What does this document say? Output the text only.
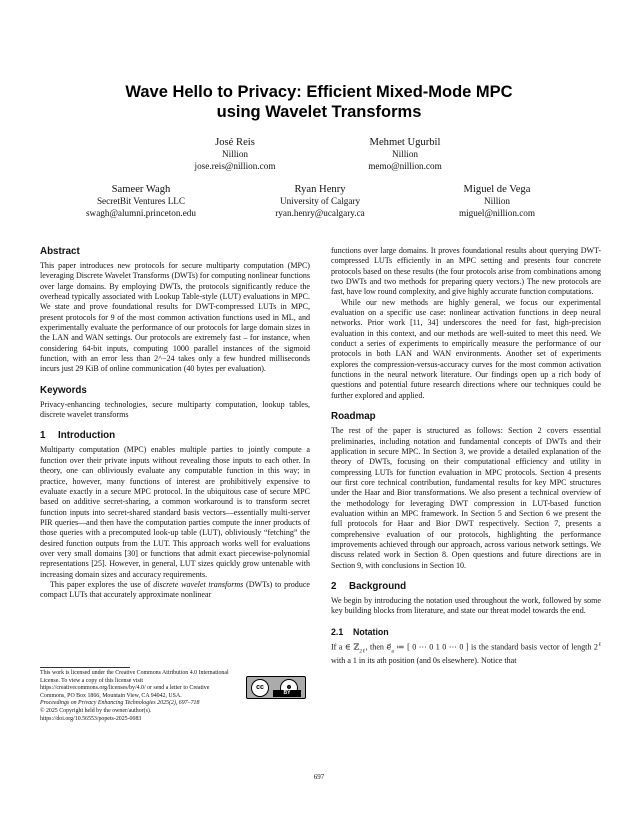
Wave Hello to Privacy: Efficient Mixed-Mode MPC
using Wavelet Transforms
José Reis
Nillion
jose.reis@nillion.com
Mehmet Ugurbil
Nillion
memo@nillion.com
Sameer Wagh
SecretBit Ventures LLC
swagh@alumni.princeton.edu
Ryan Henry
University of Calgary
ryan.henry@ucalgary.ca
Miguel de Vega
Nillion
miguel@nillion.com
Abstract

This paper introduces new protocols for secure multiparty computation (MPC) leveraging Discrete Wavelet Transforms (DWTs) for computing nonlinear functions over large domains. By employing DWTs, the protocols significantly reduce the overhead typically associated with Lookup Table-style (LUT) evaluations in MPC. We state and prove foundational results for DWT-compressed LUTs in MPC, present protocols for 9 of the most common activation functions used in ML, and experimentally evaluate the performance of our protocols for large domain sizes in the LAN and WAN settings. Our protocols are extremely fast – for instance, when considering 64-bit inputs, computing 1000 parallel instances of the sigmoid function, with an error less than 2^−24 takes only a few hundred milliseconds incurs just 29 KiB of online communication (40 bytes per evaluation).

Keywords

Privacy-enhancing technologies, secure multiparty computation, lookup tables, discrete wavelet transforms

1 Introduction

Multiparty computation (MPC) enables multiple parties to jointly compute a function over their private inputs without revealing those inputs to each other. In theory, one can obliviously evaluate any computable function in this way; in practice, however, many functions of interest are prohibitively expensive to evaluate exactly in a secure MPC protocol. In the ubiquitous case of secure MPC based on additive secret-sharing, a common workaround is to transform secret function inputs into secret-shared standard basis vectors—essentially multi-server PIR queries—and then have the computation parties compute the inner products of those queries with a precomputed look-up table (LUT), obliviously “fetching” the desired function outputs from the LUT. This approach works well for evaluations over very small domains [30] or functions that admit exact piecewise-polynomial representations [25]. However, in general, LUT sizes quickly grow untenable with increasing domain sizes and accuracy requirements.

This paper explores the use of discrete wavelet transforms (DWTs) to produce compact LUTs that accurately approximate nonlinear

functions over large domains. It proves foundational results about querying DWT-compressed LUTs efficiently in an MPC setting and presents four concrete protocols based on these results (the four protocols arise from combinations among two DWTs and two methods for preparing query vectors.) The new protocols are fast, have low round complexity, and give highly accurate function computations.

While our new methods are highly general, we focus our experimental evaluation on a specific use case: nonlinear activation functions in deep neural networks. Prior work [11, 34] underscores the need for fast, high-precision evaluation in this context, and our methods are well-suited to meet this need. We conduct a series of experiments to empirically measure the performance of our protocols in both LAN and WAN environments. Another set of experiments explores the compression-versus-accuracy curves for the most common activation functions in the neural network literature. Our findings open up a rich body of questions and potential future research directions where our techniques could be further explored and applied.

Roadmap

The rest of the paper is structured as follows: Section 2 covers essential preliminaries, including notation and fundamental concepts of DWTs and their application in secure MPC. In Section 3, we provide a detailed explanation of the theory of DWTs, focusing on their computational efficiency and utility in compressing LUTs for function evaluation in MPC protocols. Section 4 presents our first core technical contribution, fundamental results for key MPC structures under the Haar and Bior transformations. We also present a technical overview of the methodology for leveraging DWT compression in LUT-based function evaluation within an MPC framework. In Section 5 and Section 6 we present the full protocols for Haar and Bior DWT respectively. Section 7, presents a comprehensive evaluation of our protocols, highlighting the performance improvements achieved through our approach, across various network settings. We discuss related work in Section 8. Open questions and future directions are in Section 9, with conclusions in Section 10.

2 Background

We begin by introducing the notation used throughout the work, followed by some key building blocks from literature, and state our threat model towards the end.

2.1 Notation

If a ∈ ℤ$_{2\ell}$, then $e⃗_a$ ≔ [ 0 ⋯ 0 1 0 ⋯ 0 ] is the standard basis vector of length $2^\ell$ with a 1 in its ath position (and 0s elsewhere). Notice that

This work is licensed under the Creative Commons Attribution 4.0 International License. To view a copy of this license visit https://creativecommons.org/licenses/by/4.0/ or send a letter to Creative Commons, PO Box 1866, Mountain View, CA 94042, USA.
cc	☻
BY
Proceedings on Privacy Enhancing Technologies 2025(2), 697–718
© 2025 Copyright held by the owner/author(s).
https://doi.org/10.56553/popets-2025-0083
697
